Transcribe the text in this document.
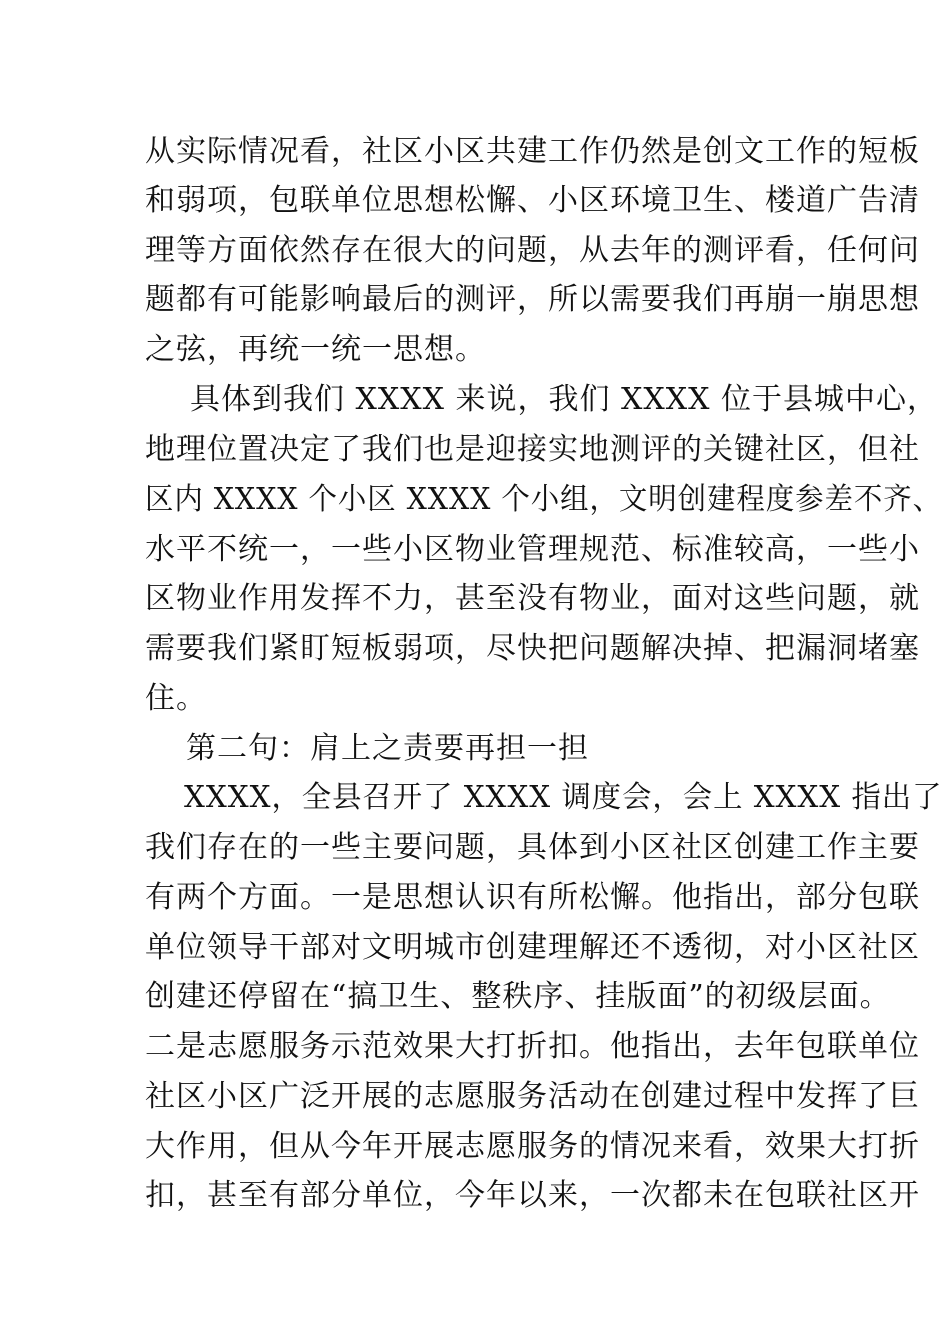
从实际情况看，社区小区共建工作仍然是创文工作的短板
和弱项，包联单位思想松懈、小区环境卫生、楼道广告清
理等方面依然存在很大的问题，从去年的测评看，任何问
题都有可能影响最后的测评，所以需要我们再崩一崩思想
之弦，再统一统一思想。
具体到我们 XXXX 来说，我们 XXXX 位于县城中心，
地理位置决定了我们也是迎接实地测评的关键社区，但社
区内 XXXX 个小区 XXXX 个小组，文明创建程度参差不齐、
水平不统一，一些小区物业管理规范、标准较高，一些小
区物业作用发挥不力，甚至没有物业，面对这些问题，就
需要我们紧盯短板弱项，尽快把问题解决掉、把漏洞堵塞
住。
第二句：肩上之责要再担一担
XXXX，全县召开了 XXXX 调度会，会上 XXXX 指出了
我们存在的一些主要问题，具体到小区社区创建工作主要
有两个方面。一是思想认识有所松懈。他指出，部分包联
单位领导干部对文明城市创建理解还不透彻，对小区社区
创建还停留在“搞卫生、整秩序、挂版面”的初级层面。
二是志愿服务示范效果大打折扣。他指出，去年包联单位
社区小区广泛开展的志愿服务活动在创建过程中发挥了巨
大作用，但从今年开展志愿服务的情况来看，效果大打折
扣，甚至有部分单位，今年以来，一次都未在包联社区开
